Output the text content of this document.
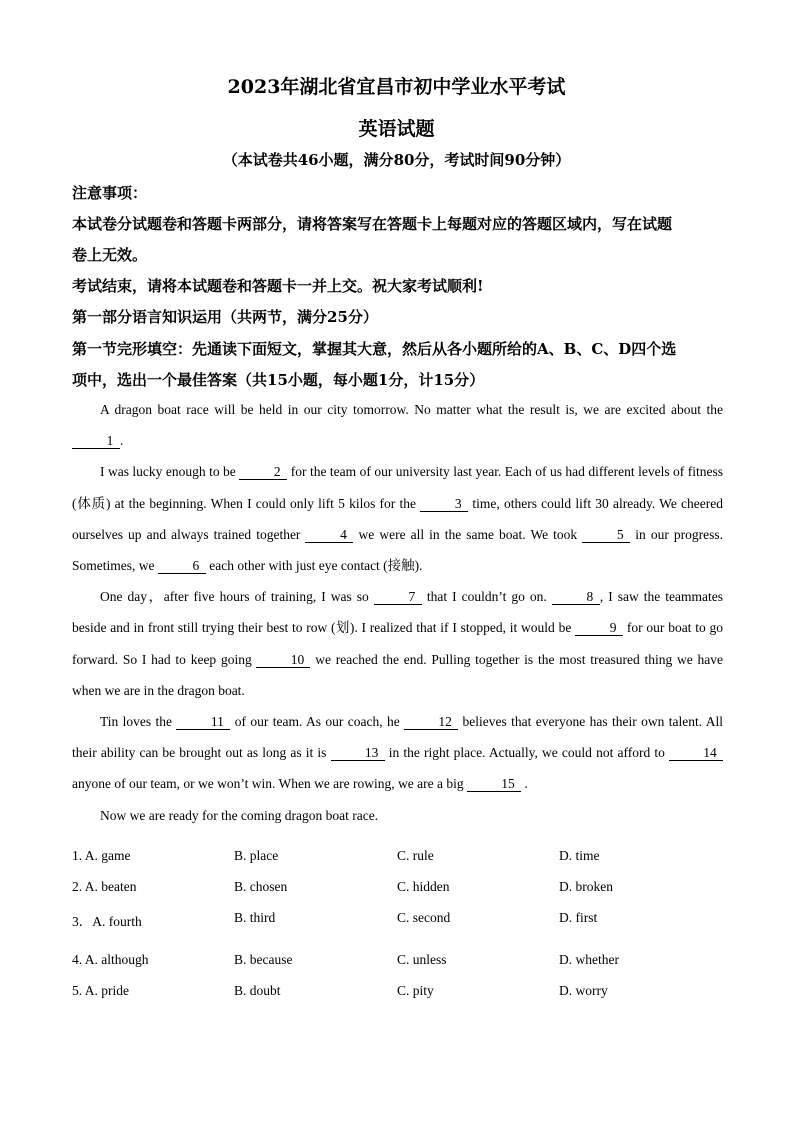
2023年湖北省宜昌市初中学业水平考试
英语试题
（本试卷共46小题，满分80分，考试时间90分钟）
注意事项：
本试卷分试题卷和答题卡两部分，请将答案写在答题卡上每题对应的答题区域内，写在试题
卷上无效。
考试结束，请将本试题卷和答题卡一并上交。祝大家考试顺利!
第一部分语言知识运用（共两节，满分25分）
第一节完形填空：先通读下面短文，掌握其大意，然后从各小题所给的A、B、C、D四个选
项中，选出一个最佳答案（共15小题，每小题1分，计15分）

A dragon boat race will be held in our city tomorrow. No matter what the result is, we are excited about the 1 .

I was lucky enough to be	2 for the team of our university last year. Each of us had different levels of fitness (体质) at the beginning. When I could only lift 5 kilos for the	3 time, others could lift 30 already. We cheered ourselves up and always trained together	4 we were all in the same boat. We took	5 in our progress. Sometimes, we	6 each other with just eye contact (接触).

One day，after five hours of training, I was so	7 that I couldn’t go on.	8 , I saw the teammates beside and in front still trying their best to row (划). I realized that if I stopped, it would be	9 for our boat to go forward. So I had to keep going	10 we reached the end. Pulling together is the most treasured thing we have when we are in the dragon boat.

Tin loves the	11 of our team. As our coach, he	12 believes that everyone has their own talent. All their ability can be brought out as long as it is	13 in the right place. Actually, we could not afford to	14 anyone of our team, or we won’t win. When we are rowing, we are a big	15 .

Now we are ready for the coming dragon boat race.

1. A. game	B. place	C. rule	D. time
2. A. beaten	B. chosen	C. hidden	D. broken
3．A. fourth	B. third	C. second	D. first
4. A. although	B. because	C. unless	D. whether
5. A. pride	B. doubt	C. pity	D. worry
